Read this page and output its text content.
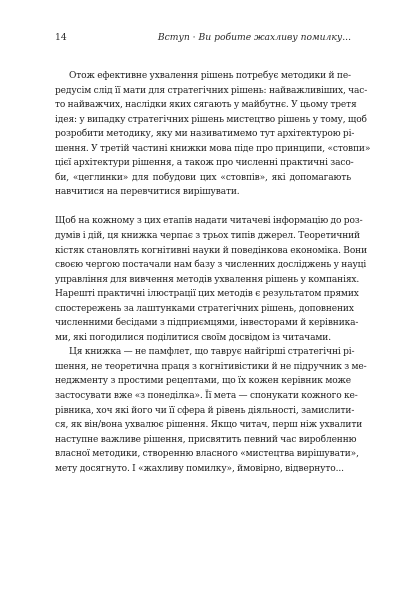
14	Вступ · Ви робите жахливу помилку...
Отож ефективне ухвалення рішень потребує методики й пе-
редусім слід її мати для стратегічних рішень: найважливіших, час-
то найважчих, наслідки яких сягають у майбутнє. У цьому третя
ідея: у випадку стратегічних рішень мистецтво рішень у тому, щоб
розробити методику, яку ми називатимемо тут архітектурою рі-
шення. У третій частині книжки мова піде про принципи, «стовпи»
цієї архітектури рішення, а також про численні практичні засо-
би, «цеглинки» для побудови цих «стовпів», які допомагають
навчитися на перевчитися вирішувати.
Щоб на кожному з цих етапів надати читачеві інформацію до роз-
думів і дій, ця книжка черпає з трьох типів джерел. Теоретичний
кістяк становлять когнітивні науки й поведінкова економіка. Вони
своєю чергою постачали нам базу з численних досліджень у науці
управління для вивчення методів ухвалення рішень у компаніях.
Нарешті практичні ілюстрації цих методів є результатом прямих
спостережень за лаштунками стратегічних рішень, доповнених
численними бесідами з підприємцями, інвесторами й керівника-
ми, які погодилися поділитися своїм досвідом із читачами.
Ця книжка — не памфлет, що таврує найгірші стратегічні рі-
шення, не теоретична праця з когнітивістики й не підручник з ме-
неджменту з простими рецептами, що їх кожен керівник може
застосувати вже «з понеділка». Її мета — спонукати кожного ке-
рівника, хоч які його чи її сфера й рівень діяльності, замислити-
ся, як він/вона ухвалює рішення. Якщо читач, перш ніж ухвалити
наступне важливе рішення, присвятить певний час виробленню
власної методики, створенню власного «мистецтва вирішувати»,
мету досягнуто. І «жахливу помилку», ймовірно, відвернуто...
